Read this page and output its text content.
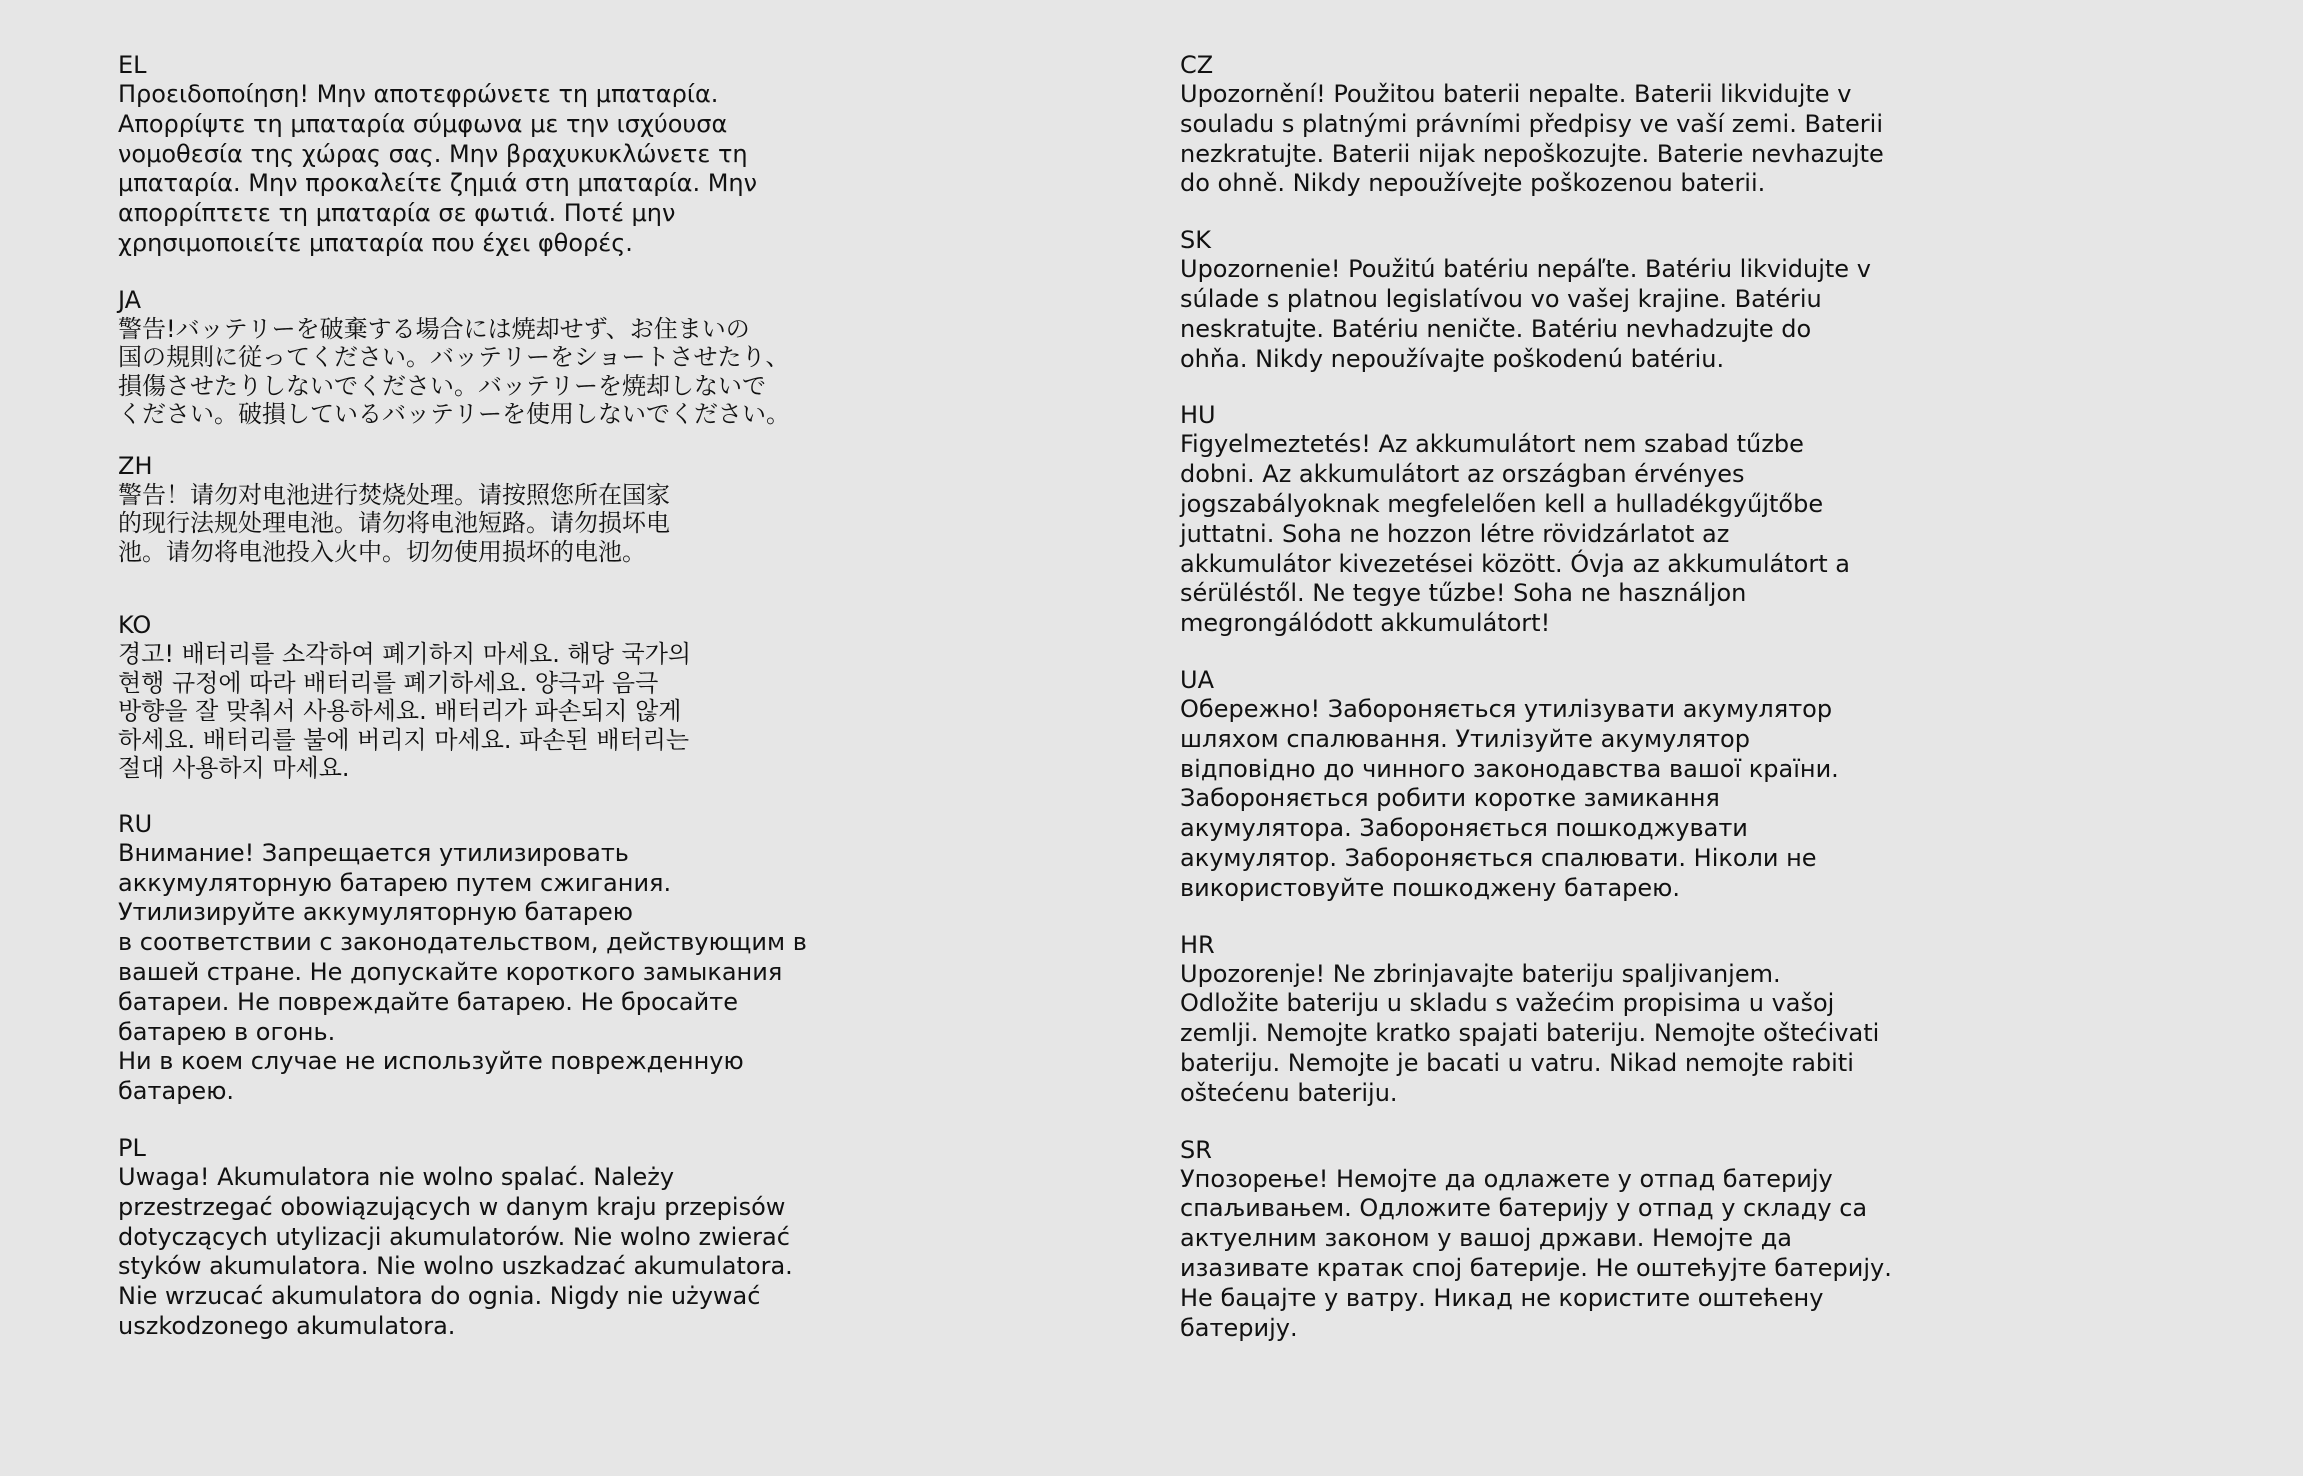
EL
Προειδοποίηση! Μην αποτεφρώνετε τη μπαταρία.
Απορρίψτε τη μπαταρία σύμφωνα με την ισχύουσα
νομοθεσία της χώρας σας. Μην βραχυκυκλώνετε τη
μπαταρία. Μην προκαλείτε ζημιά στη μπαταρία. Μην
απορρίπτετε τη μπαταρία σε φωτιά. Ποτέ μην
χρησιμοποιείτε μπαταρία που έχει φθορές.
JA
警告!バッテリーを破棄する場合には焼却せず、お住まいの
国の規則に従ってください。バッテリーをショートさせたり、
損傷させたりしないでください。バッテリーを焼却しないで
ください。破損しているバッテリーを使用しないでください。
ZH
警告！请勿对电池进行焚烧处理。请按照您所在国家
的现行法规处理电池。请勿将电池短路。请勿损坏电
池。请勿将电池投入火中。切勿使用损坏的电池。
KO
경고! 배터리를 소각하여 폐기하지 마세요. 해당 국가의
현행 규정에 따라 배터리를 폐기하세요. 양극과 음극
방향을 잘 맞춰서 사용하세요. 배터리가 파손되지 않게
하세요. 배터리를 불에 버리지 마세요. 파손된 배터리는
절대 사용하지 마세요.
RU
Внимание! Запрещается утилизировать
аккумуляторную батарею путем сжигания.
Утилизируйте аккумуляторную батарею
в соответствии с законодательством, действующим в
вашей стране. Не допускайте короткого замыкания
батареи. Не повреждайте батарею. Не бросайте
батарею в огонь.
Ни в коем случае не используйте поврежденную
батарею.
PL
Uwaga! Akumulatora nie wolno spalać. Należy
przestrzegać obowiązujących w danym kraju przepisów
dotyczących utylizacji akumulatorów. Nie wolno zwierać
styków akumulatora. Nie wolno uszkadzać akumulatora.
Nie wrzucać akumulatora do ognia. Nigdy nie używać
uszkodzonego akumulatora.
CZ
Upozornění! Použitou baterii nepalte. Baterii likvidujte v
souladu s platnými právními předpisy ve vaší zemi. Baterii
nezkratujte. Baterii nijak nepoškozujte. Baterie nevhazujte
do ohně. Nikdy nepoužívejte poškozenou baterii.
SK
Upozornenie! Použitú batériu nepáľte. Batériu likvidujte v
súlade s platnou legislatívou vo vašej krajine. Batériu
neskratujte. Batériu neničte. Batériu nevhadzujte do
ohňa. Nikdy nepoužívajte poškodenú batériu.
HU
Figyelmeztetés! Az akkumulátort nem szabad tűzbe
dobni. Az akkumulátort az országban érvényes
jogszabályoknak megfelelően kell a hulladékgyűjtőbe
juttatni. Soha ne hozzon létre rövidzárlatot az
akkumulátor kivezetései között. Óvja az akkumulátort a
sérüléstől. Ne tegye tűzbe! Soha ne használjon
megrongálódott akkumulátort!
UA
Обережно! Забороняється утилізувати акумулятор
шляхом спалювання. Утилізуйте акумулятор
відповідно до чинного законодавства вашої країни.
Забороняється робити коротке замикання
акумулятора. Забороняється пошкоджувати
акумулятор. Забороняється спалювати. Ніколи не
використовуйте пошкоджену батарею.
HR
Upozorenje! Ne zbrinjavajte bateriju spaljivanjem.
Odložite bateriju u skladu s važećim propisima u vašoj
zemlji. Nemojte kratko spajati bateriju. Nemojte oštećivati
bateriju. Nemojte je bacati u vatru. Nikad nemojte rabiti
oštećenu bateriju.
SR
Упозорење! Немојте да одлажете у отпад батерију
спаљивањем. Одложите батерију у отпад у складу са
актуелним законом у вашој држави. Немојте да
изазивате кратак спој батерије. Не оштећујте батерију.
Не бацајте у ватру. Никад не користите оштећену
батерију.
